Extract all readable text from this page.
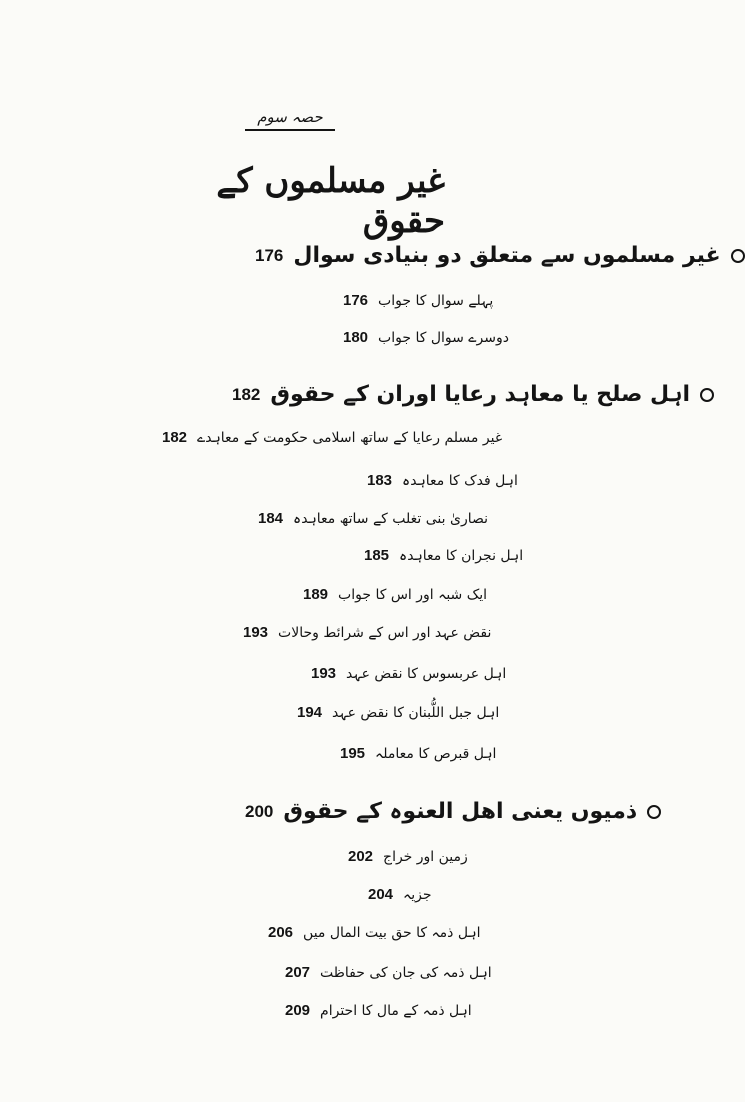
حصہ سوم
غیر مسلموں کے حقوق
176 غیر مسلموں سے متعلق دو بنیادی سوال
176 پہلے سوال کا جواب
180 دوسرے سوال کا جواب
182 اہل صلح یا معاہد رعایا اوران کے حقوق
182 غیر مسلم رعایا کے ساتھ اسلامی حکومت کے معاہدے
183 اہل فدک کا معاہدہ
184 نصاریٰ بنی تغلب کے ساتھ معاہدہ
185 اہل نجران کا معاہدہ
189 ایک شبہ اور اس کا جواب
193 نقض عہد اور اس کے شرائط وحالات
193 اہل عربسوس کا نقض عہد
194 اہل جبل اللُّبنان کا نقض عہد
195 اہل قبرص کا معاملہ
200 ذمیوں یعنی اهل العنوہ کے حقوق
202 زمین اور خراج
204 جزیہ
206 اہل ذمہ کا حق بیت المال میں
207 اہل ذمہ کی جان کی حفاظت
209 اہل ذمہ کے مال کا احترام
